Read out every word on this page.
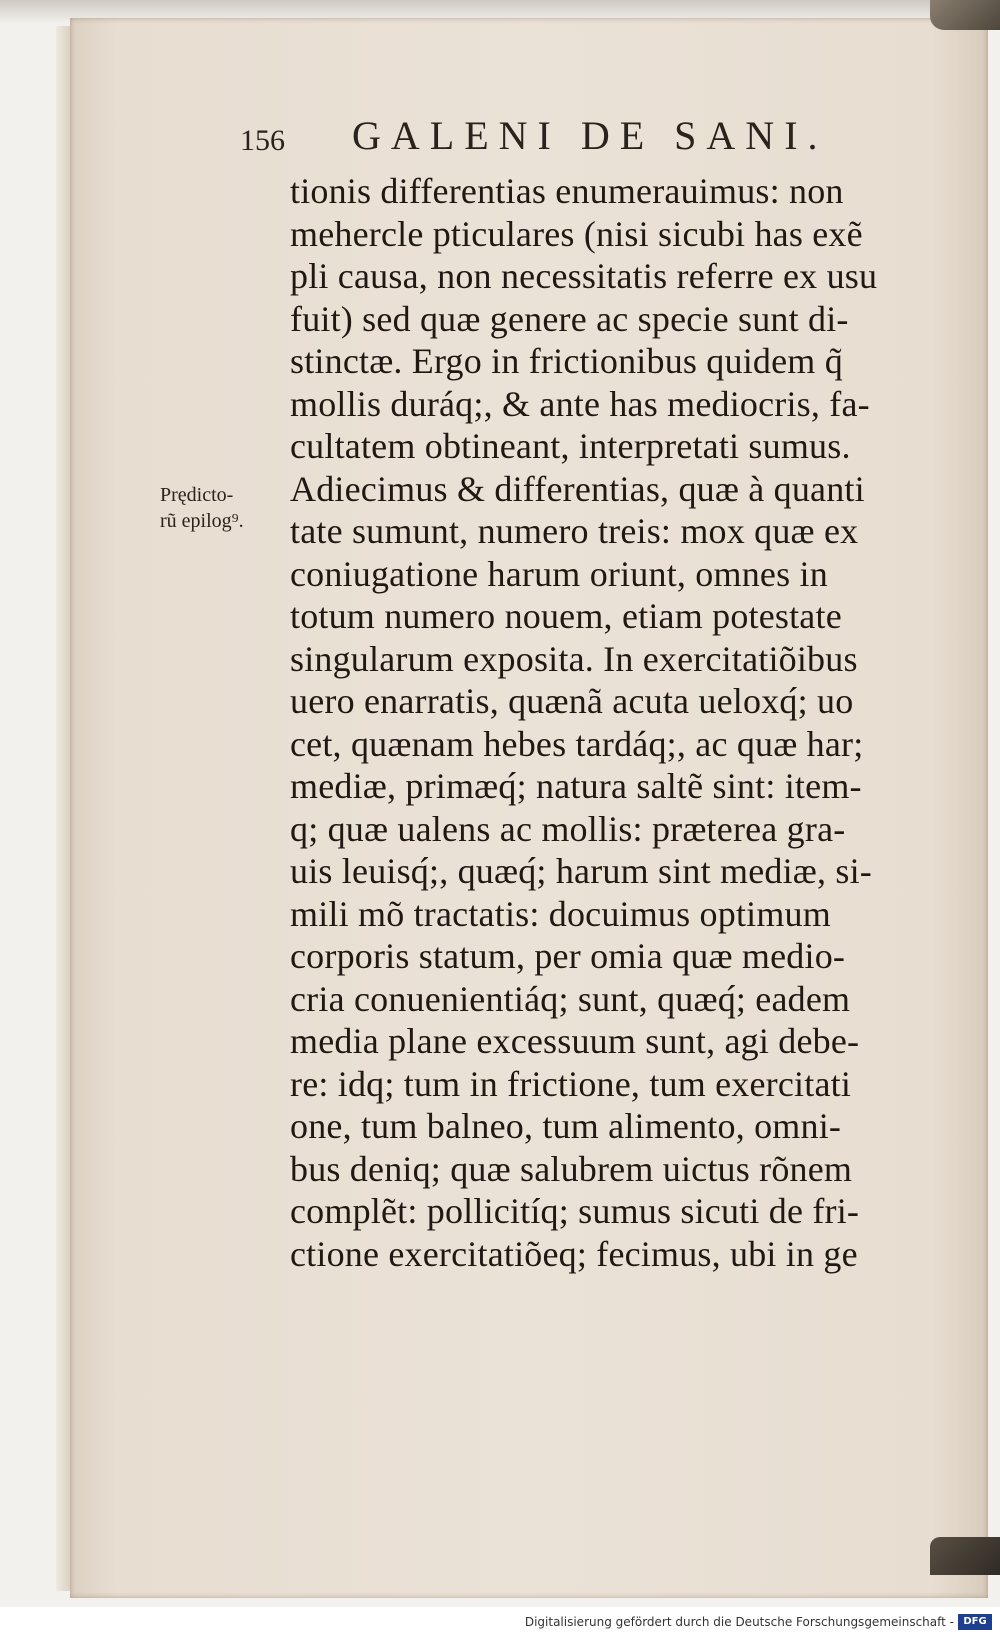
156 GALENI DE SANI.
Prędicto-
rũ epilog⁹.
tionis differentias enumerauimus: non
mehercle pticulares (nisi sicubi has exẽ
pli causa, non necessitatis referre ex usu
fuit) sed quæ genere ac specie sunt di-
stinctæ. Ergo in frictionibus quidem q̃
mollis duráq;, & ante has mediocris, fa-
cultatem obtineant, interpretati sumus.
Adiecimus & differentias, quæ à quanti
tate sumunt, numero treis: mox quæ ex
coniugatione harum oriunt, omnes in
totum numero nouem, etiam potestate
singularum exposita. In exercitatiõibus
uero enarratis, quænã acuta ueloxq́; uo
cet, quænam hebes tardáq;, ac quæ har;
mediæ, primæq́; natura saltẽ sint: item-
q; quæ ualens ac mollis: præterea gra-
uis leuisq́;, quæq́; harum sint mediæ, si-
mili mõ tractatis: docuimus optimum
corporis statum, per omia quæ medio-
cria conuenientiáq; sunt, quæq́; eadem
media plane excessuum sunt, agi debe-
re: idq; tum in frictione, tum exercitati
one, tum balneo, tum alimento, omni-
bus deniq; quæ salubrem uictus rõnem
complẽt: pollicitíq; sumus sicuti de fri-
ctione exercitatiõeq; fecimus, ubi in ge
Digitalisierung gefördert durch die Deutsche Forschungsgemeinschaft - DFG
